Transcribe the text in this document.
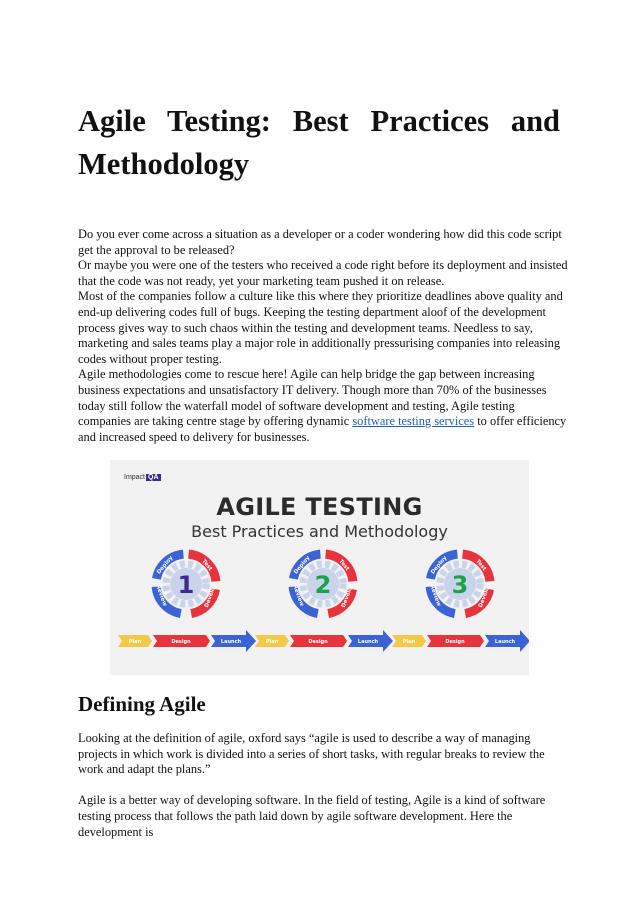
Agile Testing: Best Practices and Methodology

Do you ever come across a situation as a developer or a coder wondering how did this code script get the approval to be released?

Or maybe you were one of the testers who received a code right before its deployment and insisted that the code was not ready, yet your marketing team pushed it on release.

Most of the companies follow a culture like this where they prioritize deadlines above quality and end-up delivering codes full of bugs. Keeping the testing department aloof of the development process gives way to such chaos within the testing and development teams. Needless to say, marketing and sales teams play a major role in additionally pressurising companies into releasing codes without proper testing.

Agile methodologies come to rescue here! Agile can help bridge the gap between increasing business expectations and unsatisfactory IT delivery. Though more than 70% of the businesses today still follow the waterfall model of software development and testing, Agile testing companies are taking centre stage by offering dynamic software testing services to offer efficiency and increased speed to delivery for businesses.

Impact QA
AGILE TESTING
Best Practices and Methodology
Deploy	Test
Review	Develop
1
Plan	Design	Launch
Deploy	Test
Review	Develop
2
Plan	Design	Launch
Deploy	Test
Review	Develop
3
Plan	Design	Launch
Defining Agile

Looking at the definition of agile, oxford says “agile is used to describe a way of managing projects in which work is divided into a series of short tasks, with regular breaks to review the work and adapt the plans.”

Agile is a better way of developing software. In the field of testing, Agile is a kind of software testing process that follows the path laid down by agile software development. Here the development is
